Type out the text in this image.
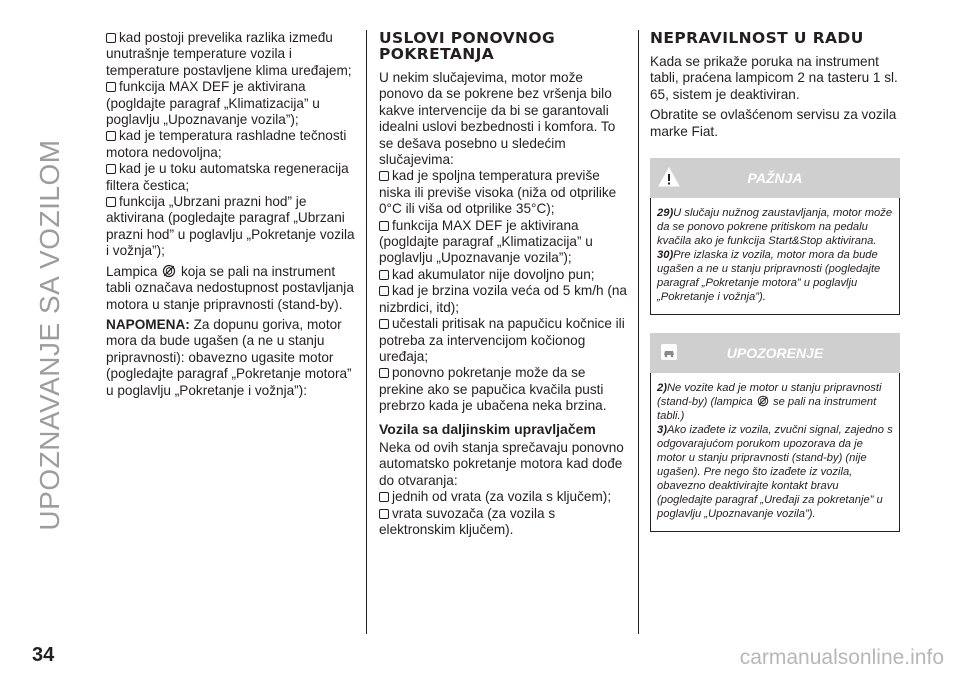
UPOZNAVANJE SA VOZILOM

kad postoji prevelika razlika između unutrašnje temperature vozila i temperature postavljene klima uređajem;

funkcija MAX DEF je aktivirana (pogldajte paragraf „Klimatizacija” u poglavlju „Upoznavanje vozila”);

kad je temperatura rashladne tečnosti motora nedovoljna;

kad je u toku automatska regeneracija filtera čestica;

funkcija „Ubrzani prazni hod” je aktivirana (pogledajte paragraf „Ubrzani prazni hod” u poglavlju „Pokretanje vozila i vožnja”);

Lampica koja se pali na instrument tabli označava nedostupnost postavljanja motora u stanje pripravnosti (stand-by).

NAPOMENA: Za dopunu goriva, motor mora da bude ugašen (a ne u stanju pripravnosti): obavezno ugasite motor (pogledajte paragraf „Pokretanje motora” u poglavlju „Pokretanje i vožnja”):

USLOVI PONOVNOG POKRETANJA

U nekim slučajevima, motor može ponovo da se pokrene bez vršenja bilo kakve intervencije da bi se garantovali idealni uslovi bezbednosti i komfora. To se dešava posebno u sledećim slučajevima:

kad je spoljna temperatura previše niska ili previše visoka (niža od otprilike 0°C ili viša od otprilike 35°C);

funkcija MAX DEF je aktivirana (pogldajte paragraf „Klimatizacija” u poglavlju „Upoznavanje vozila”);

kad akumulator nije dovoljno pun;

kad je brzina vozila veća od 5 km/h (na nizbrdici, itd);

učestali pritisak na papučicu kočnice ili potreba za intervencijom kočionog uređaja;

ponovno pokretanje može da se prekine ako se papučica kvačila pusti prebrzo kada je ubačena neka brzina.

Vozila sa daljinskim upravljačem

Neka od ovih stanja sprečavaju ponovno automatsko pokretanje motora kad dođe do otvaranja:

jednih od vrata (za vozila s ključem);

vrata suvozača (za vozila s elektronskim ključem).

NEPRAVILNOST U RADU

Kada se prikaže poruka na instrument tabli, praćena lampicom 2 na tasteru 1 sl. 65, sistem je deaktiviran.

Obratite se ovlašćenom servisu za vozila marke Fiat.

PAŽNJA
29)U slučaju nužnog zaustavljanja, motor može da se ponovo pokrene pritiskom na pedalu kvačila ako je funkcija Start&Stop aktivirana.
30)Pre izlaska iz vozila, motor mora da bude ugašen a ne u stanju pripravnosti (pogledajte paragraf „Pokretanje motora” u poglavlju „Pokretanje i vožnja”).
UPOZORENJE
2)Ne vozite kad je motor u stanju pripravnosti (stand-by) (lampica se pali na instrument tabli.)
3)Ako izađete iz vozila, zvučni signal, zajedno s odgovarajućom porukom upozorava da je motor u stanju pripravnosti (stand-by) (nije ugašen). Pre nego što izađete iz vozila, obavezno deaktivirajte kontakt bravu (pogledajte paragraf „Uređaji za pokretanje” u poglavlju „Upoznavanje vozila”).
34	carmanualsonline.info
